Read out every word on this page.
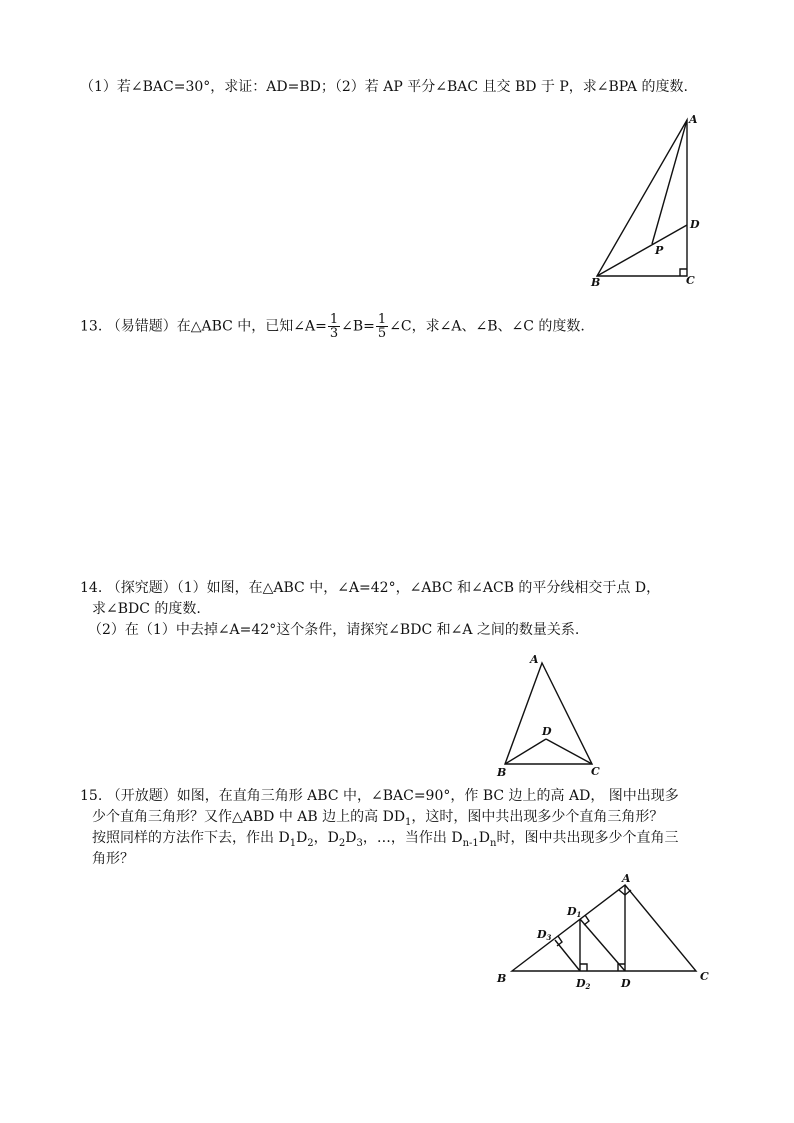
（1）若∠BAC=30°，求证：AD=BD；（2）若 AP 平分∠BAC 且交 BD 于 P，求∠BPA 的度数.
A
D
P
B	C
13. （易错题）在△ABC 中，已知∠A= $\frac{1}{3}$ ∠B= $\frac{1}{5}$ ∠C，求∠A、∠B、∠C 的度数.
14. （探究题）（1）如图，在△ABC 中，∠A=42°，∠ABC 和∠ACB 的平分线相交于点 D，
求∠BDC 的度数.
（2）在（1）中去掉∠A=42°这个条件，请探究∠BDC 和∠A 之间的数量关系.
A
D
B	C
15. （开放题）如图，在直角三角形 ABC 中，∠BAC=90°，作 BC 边上的高 AD， 图中出现多
少个直角三角形？又作△ABD 中 AB 边上的高 $DD_1$，这时，图中共出现多少个直角三角形？
按照同样的方法作下去，作出 $D_1D_2$，$D_2D_3$，…，当作出 $D_{n-1}D_n$时，图中共出现多少个直角三
角形？
A
B	C
D
D1
D3
D2
